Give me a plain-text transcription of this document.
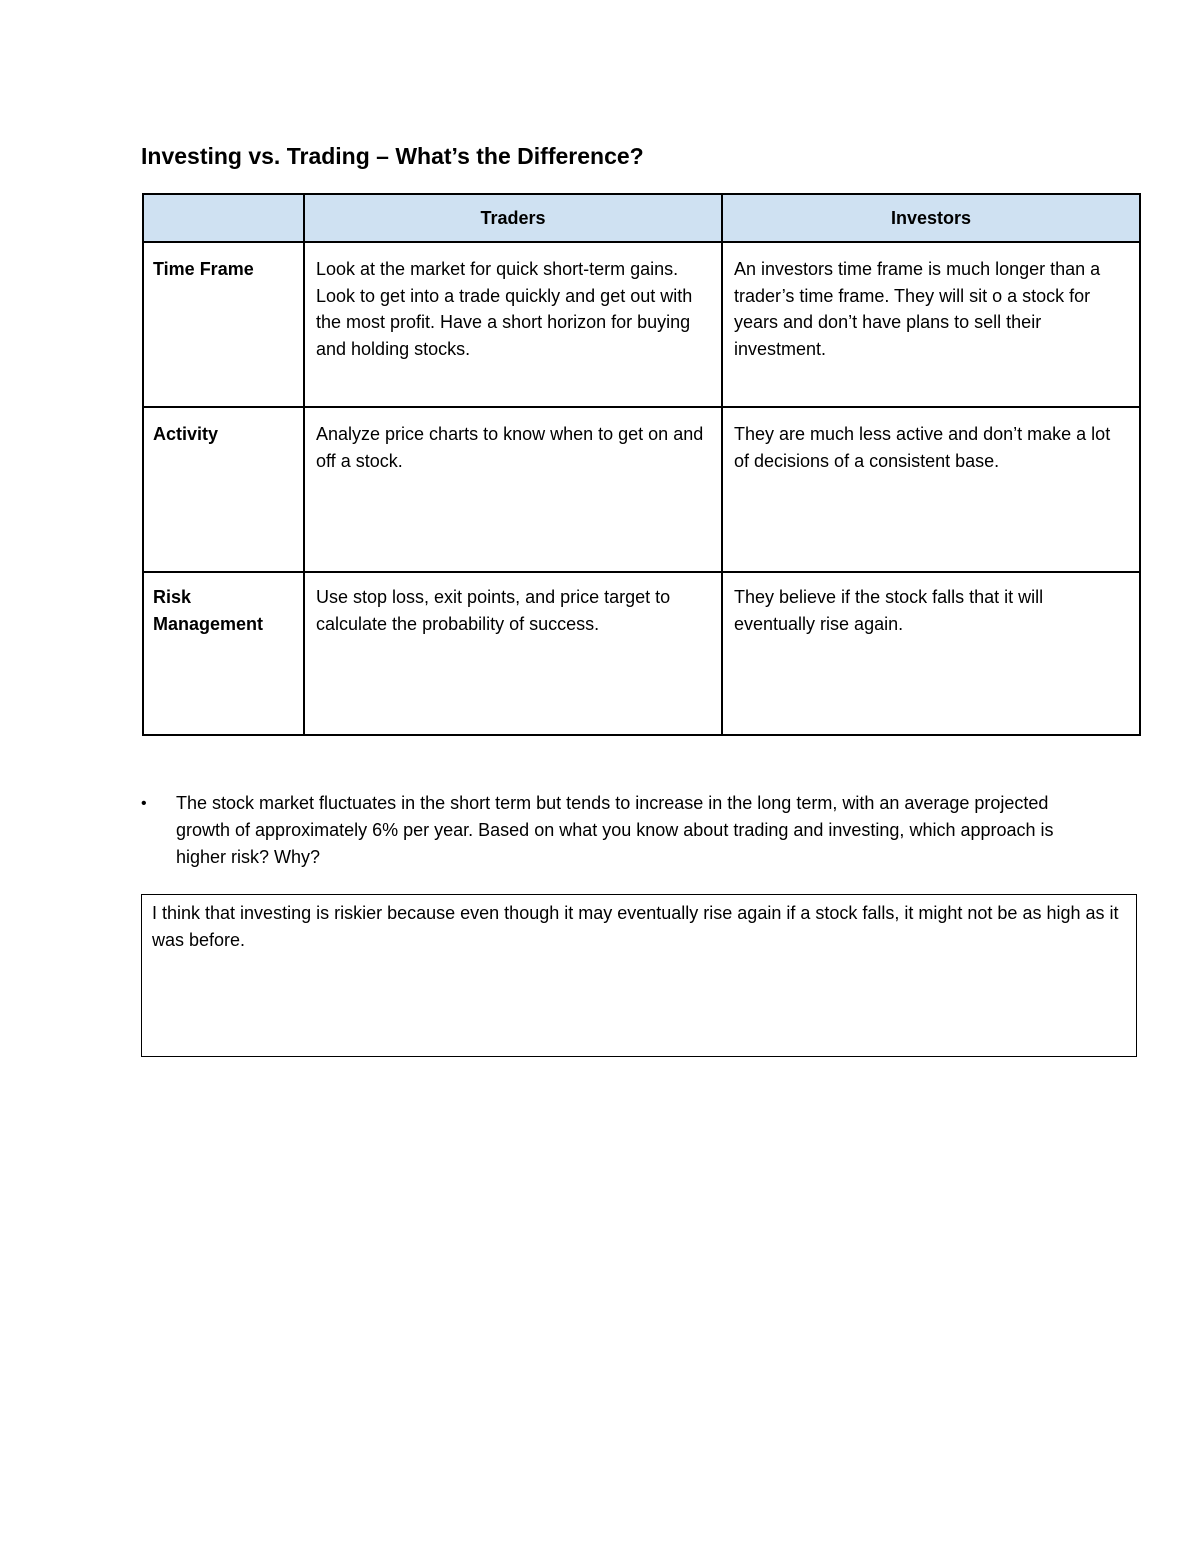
Investing vs. Trading – What’s the Difference?
	Traders	Investors
Time Frame	Look at the market for quick short-term gains. Look to get into a trade quickly and get out with the most profit. Have a short horizon for buying and holding stocks.	An investors time frame is much longer than a trader’s time frame. They will sit o a stock for years and don’t have plans to sell their investment.
Activity	Analyze price charts to know when to get on and off a stock.	They are much less active and don’t make a lot of decisions of a consistent base.
Risk Management	Use stop loss, exit points, and price target to calculate the probability of success.	They believe if the stock falls that it will eventually rise again.
•	The stock market fluctuates in the short term but tends to increase in the long term, with an average projected growth of approximately 6% per year. Based on what you know about trading and investing, which approach is higher risk? Why?
I think that investing is riskier because even though it may eventually rise again if a stock falls, it might not be as high as it was before.
